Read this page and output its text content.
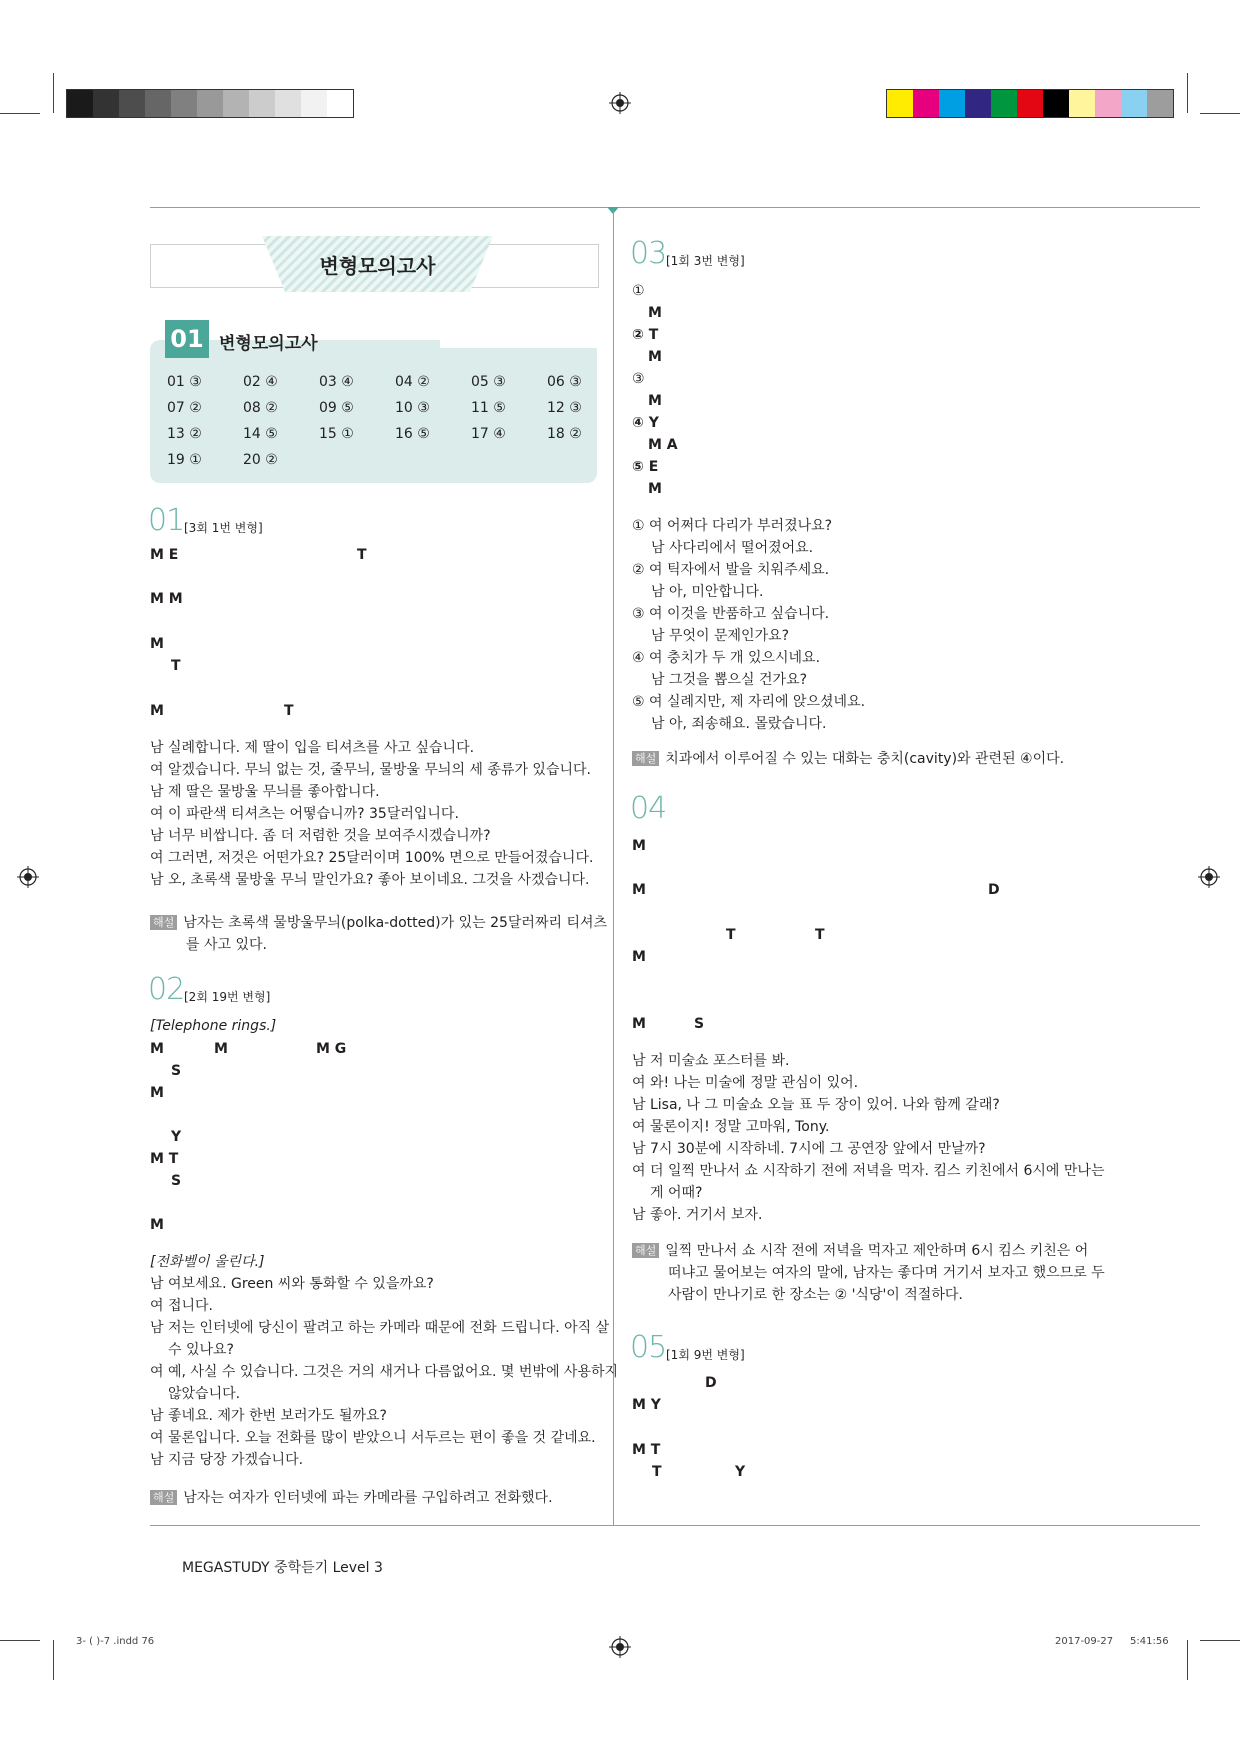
변형모의고사
01 변형모의고사
01 ③	02 ④	03 ④	04 ②	05 ③	06 ③
07 ②	08 ②	09 ⑤	10 ③	11 ⑤	12 ③
13 ②	14 ⑤	15 ①	16 ⑤	17 ④	18 ②
19 ①	20 ②
01 [3회 1번 변형]
M E	T
M M
M
T
M	T
남 실례합니다. 제 딸이 입을 티셔츠를 사고 싶습니다.
여 알겠습니다. 무늬 없는 것, 줄무늬, 물방울 무늬의 세 종류가 있습니다.
남 제 딸은 물방울 무늬를 좋아합니다.
여 이 파란색 티셔츠는 어떻습니까? 35달러입니다.
남 너무 비쌉니다. 좀 더 저렴한 것을 보여주시겠습니까?
여 그러면, 저것은 어떤가요? 25달러이며 100% 면으로 만들어졌습니다.
남 오, 초록색 물방울 무늬 말인가요? 좋아 보이네요. 그것을 사겠습니다.
해설 남자는 초록색 물방울무늬(polka-dotted)가 있는 25달러짜리 티셔츠
를 사고 있다.
02 [2회 19번 변형]
[Telephone rings.]
M	M	M G
S
M
Y
M T
S
M
[전화벨이 울린다.]
남 여보세요. Green 씨와 통화할 수 있을까요?
여 접니다.
남 저는 인터넷에 당신이 팔려고 하는 카메라 때문에 전화 드립니다. 아직 살
수 있나요?
여 예, 사실 수 있습니다. 그것은 거의 새거나 다름없어요. 몇 번밖에 사용하지
않았습니다.
남 좋네요. 제가 한번 보러가도 될까요?
여 물론입니다. 오늘 전화를 많이 받았으니 서두르는 편이 좋을 것 같네요.
남 지금 당장 가겠습니다.
해설 남자는 여자가 인터넷에 파는 카메라를 구입하려고 전화했다.
03 [1회 3번 변형]
①
M
② T
M
③
M
④ Y
M A
⑤ E
M
① 여 어쩌다 다리가 부러졌나요?
남 사다리에서 떨어졌어요.
② 여 틱자에서 발을 치워주세요.
남 아, 미안합니다.
③ 여 이것을 반품하고 싶습니다.
남 무엇이 문제인가요?
④ 여 충치가 두 개 있으시네요.
남 그것을 뽑으실 건가요?
⑤ 여 실례지만, 제 자리에 앉으셨네요.
남 아, 죄송해요. 몰랐습니다.
해설 치과에서 이루어질 수 있는 대화는 충치(cavity)와 관련된 ④이다.
04
M
M	D
T	T
M
M	S
남 저 미술쇼 포스터를 봐.
여 와! 나는 미술에 정말 관심이 있어.
남 Lisa, 나 그 미술쇼 오늘 표 두 장이 있어. 나와 함께 갈래?
여 물론이지! 정말 고마워, Tony.
남 7시 30분에 시작하네. 7시에 그 공연장 앞에서 만날까?
여 더 일찍 만나서 쇼 시작하기 전에 저녁을 먹자. 킴스 키친에서 6시에 만나는
게 어때?
남 좋아. 거기서 보자.
해설 일찍 만나서 쇼 시작 전에 저녁을 먹자고 제안하며 6시 킴스 키친은 어
떠냐고 물어보는 여자의 말에, 남자는 좋다며 거기서 보자고 했으므로 두
사람이 만나기로 한 장소는 ② '식당'이 적절하다.
05 [1회 9번 변형]
D
M Y
M T
T	Y
MEGASTUDY 중학듣기 Level 3
3- ( )-7 .indd 76	2017-09-27 5:41:56
